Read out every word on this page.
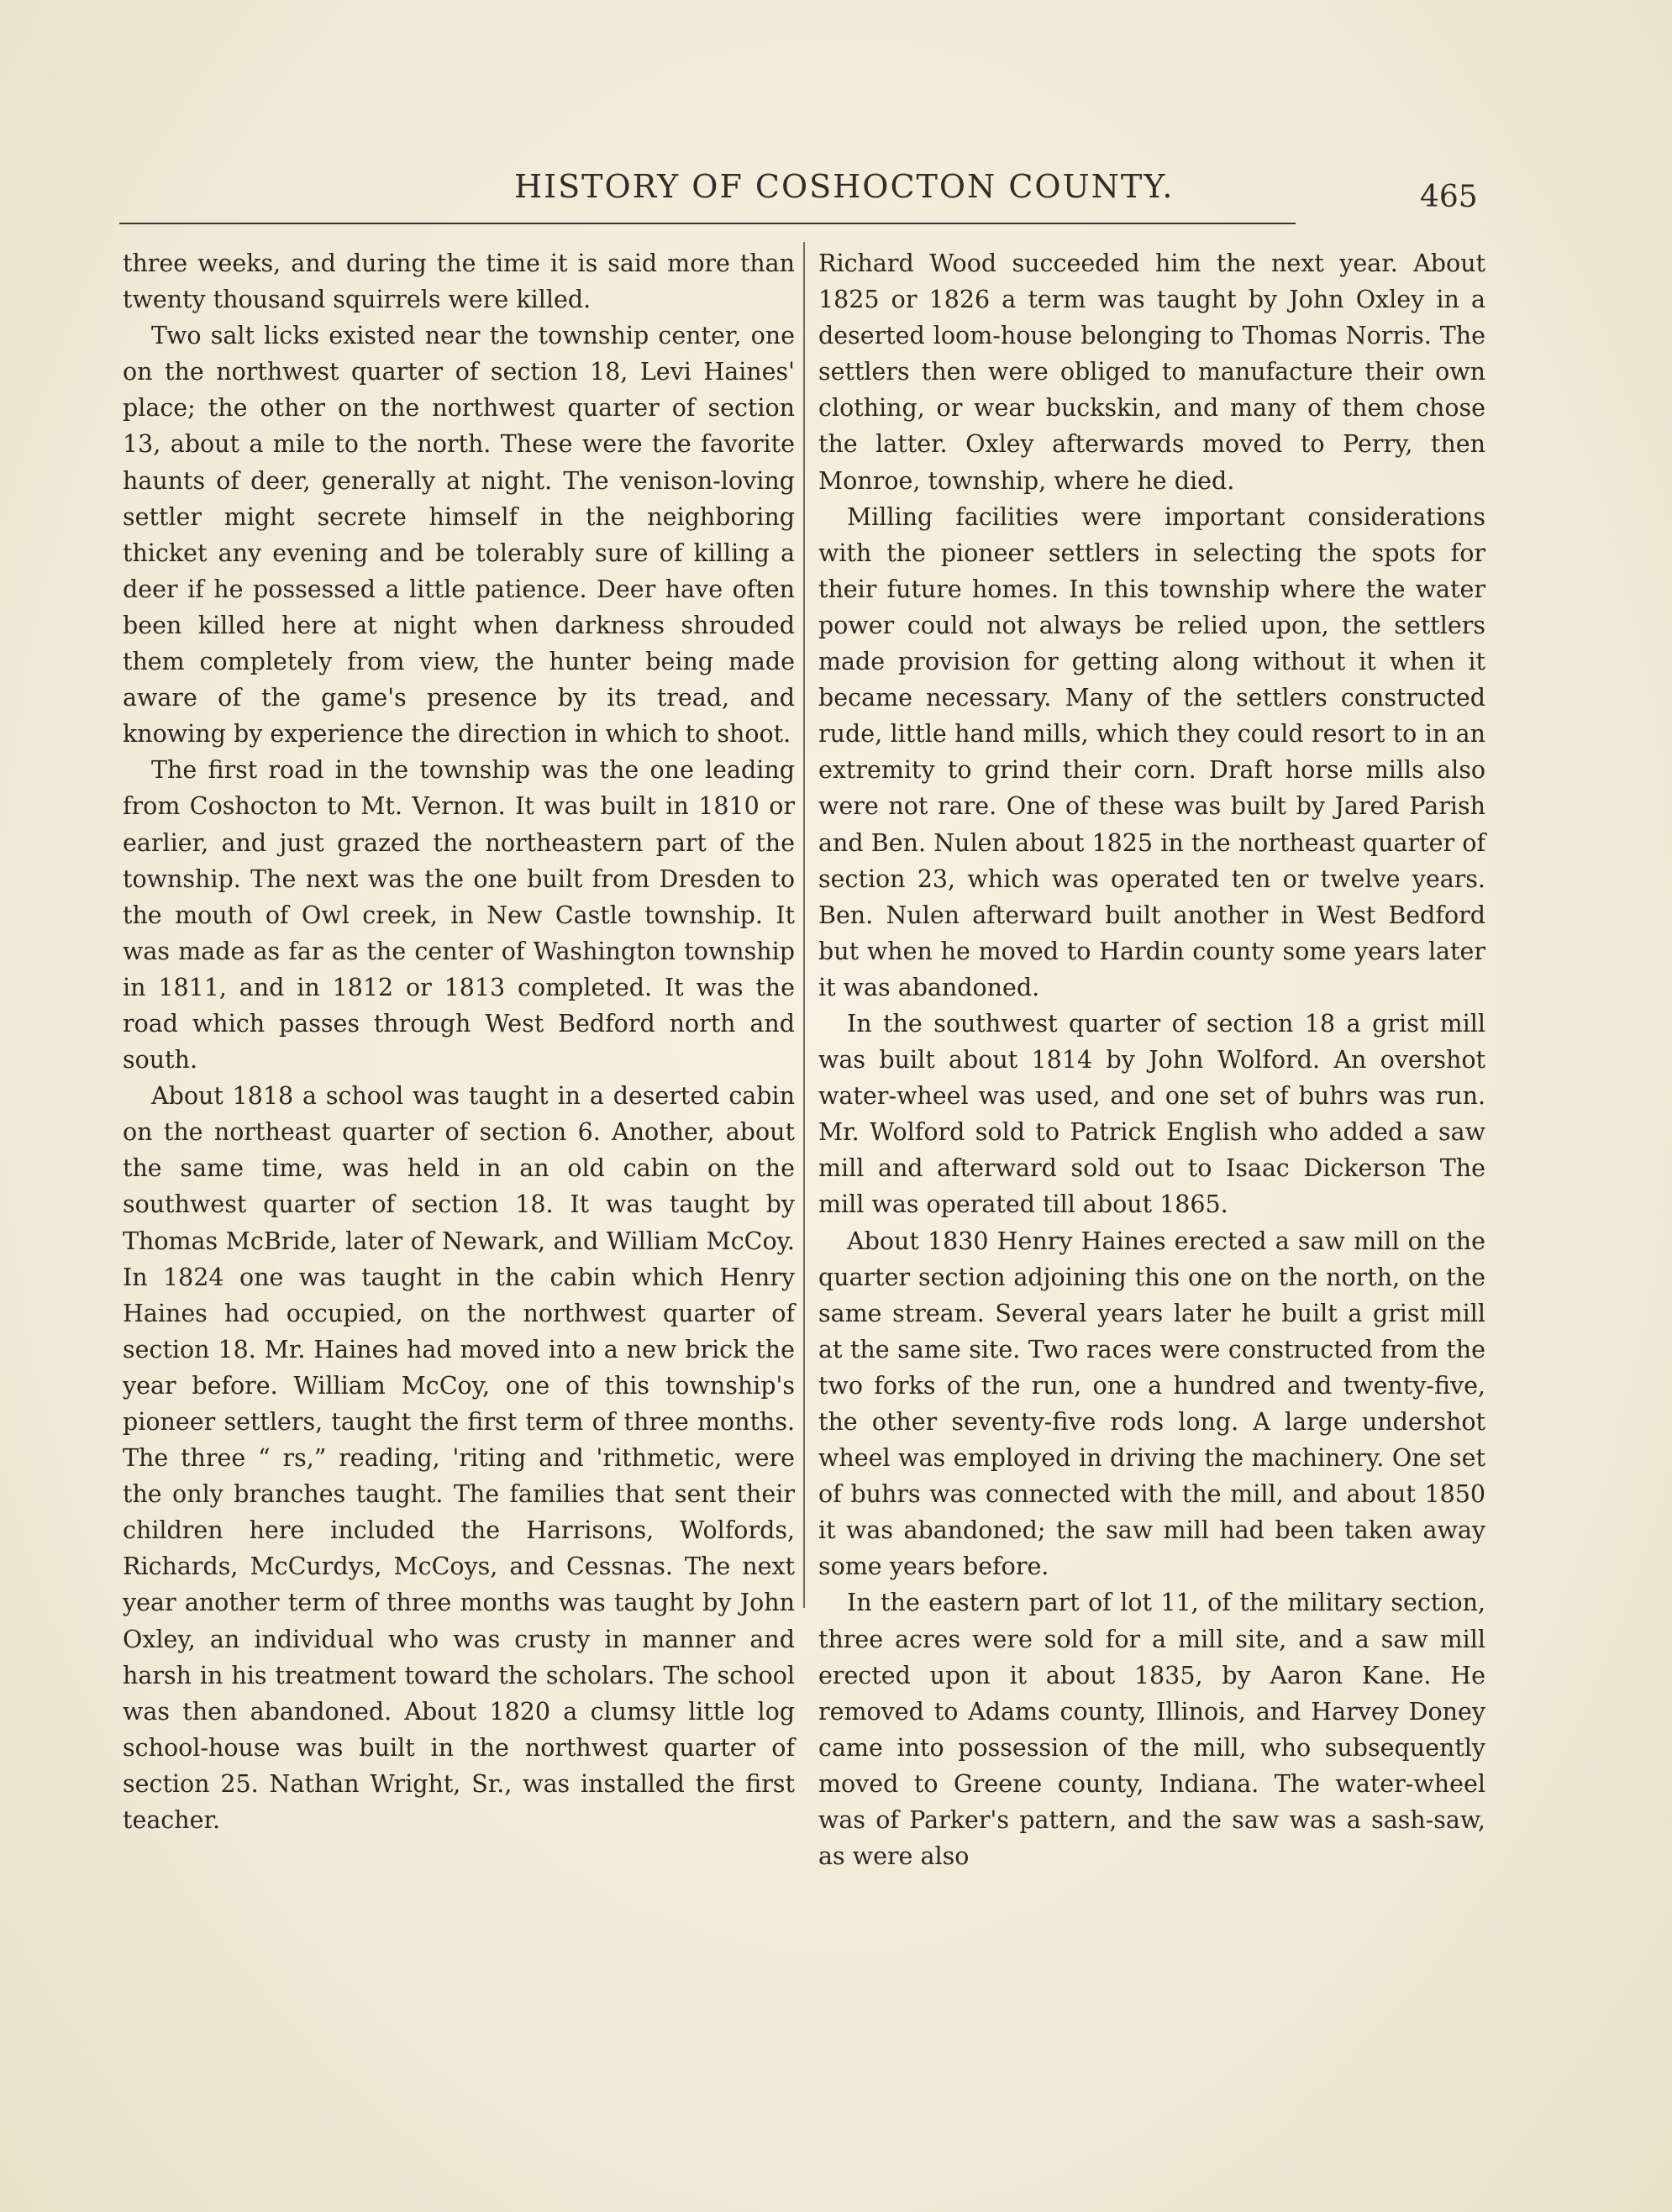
HISTORY OF COSHOCTON COUNTY.	465

three weeks, and during the time it is said more than twenty thousand squirrels were killed.

Two salt licks existed near the township center, one on the northwest quarter of section 18, Levi Haines' place; the other on the northwest quarter of section 13, about a mile to the north. These were the favorite haunts of deer, generally at night. The venison-loving settler might secrete himself in the neighboring thicket any evening and be tolerably sure of killing a deer if he possessed a little patience. Deer have often been killed here at night when darkness shrouded them completely from view, the hunter being made aware of the game's presence by its tread, and knowing by experience the direction in which to shoot.

The first road in the township was the one leading from Coshocton to Mt. Vernon. It was built in 1810 or earlier, and just grazed the northeastern part of the township. The next was the one built from Dresden to the mouth of Owl creek, in New Castle township. It was made as far as the center of Washington township in 1811, and in 1812 or 1813 completed. It was the road which passes through West Bedford north and south.

About 1818 a school was taught in a deserted cabin on the northeast quarter of section 6. Another, about the same time, was held in an old cabin on the southwest quarter of section 18. It was taught by Thomas McBride, later of Newark, and William McCoy. In 1824 one was taught in the cabin which Henry Haines had occupied, on the northwest quarter of section 18. Mr. Haines had moved into a new brick the year before. William McCoy, one of this township's pioneer settlers, taught the first term of three months. The three “ rs,” reading, 'riting and 'rithmetic, were the only branches taught. The families that sent their children here included the Harrisons, Wolfords, Richards, McCurdys, McCoys, and Cessnas. The next year another term of three months was taught by John Oxley, an individual who was crusty in manner and harsh in his treatment toward the scholars. The school was then abandoned. About 1820 a clumsy little log school-house was built in the northwest quarter of section 25. Nathan Wright, Sr., was installed the first teacher.

Richard Wood succeeded him the next year. About 1825 or 1826 a term was taught by John Oxley in a deserted loom-house belonging to Thomas Norris. The settlers then were obliged to manufacture their own clothing, or wear buckskin, and many of them chose the latter. Oxley afterwards moved to Perry, then Monroe, township, where he died.

Milling facilities were important considerations with the pioneer settlers in selecting the spots for their future homes. In this township where the water power could not always be relied upon, the settlers made provision for getting along without it when it became necessary. Many of the settlers constructed rude, little hand mills, which they could resort to in an extremity to grind their corn. Draft horse mills also were not rare. One of these was built by Jared Parish and Ben. Nulen about 1825 in the northeast quarter of section 23, which was operated ten or twelve years. Ben. Nulen afterward built another in West Bedford but when he moved to Hardin county some years later it was abandoned.

In the southwest quarter of section 18 a grist mill was built about 1814 by John Wolford. An overshot water-wheel was used, and one set of buhrs was run. Mr. Wolford sold to Patrick English who added a saw mill and afterward sold out to Isaac Dickerson The mill was operated till about 1865.

About 1830 Henry Haines erected a saw mill on the quarter section adjoining this one on the north, on the same stream. Several years later he built a grist mill at the same site. Two races were constructed from the two forks of the run, one a hundred and twenty-five, the other seventy-five rods long. A large undershot wheel was employed in driving the machinery. One set of buhrs was connected with the mill, and about 1850 it was abandoned; the saw mill had been taken away some years before.

In the eastern part of lot 11, of the military section, three acres were sold for a mill site, and a saw mill erected upon it about 1835, by Aaron Kane. He removed to Adams county, Illinois, and Harvey Doney came into possession of the mill, who subsequently moved to Greene county, Indiana. The water-wheel was of Parker's pattern, and the saw was a sash-saw, as were also
